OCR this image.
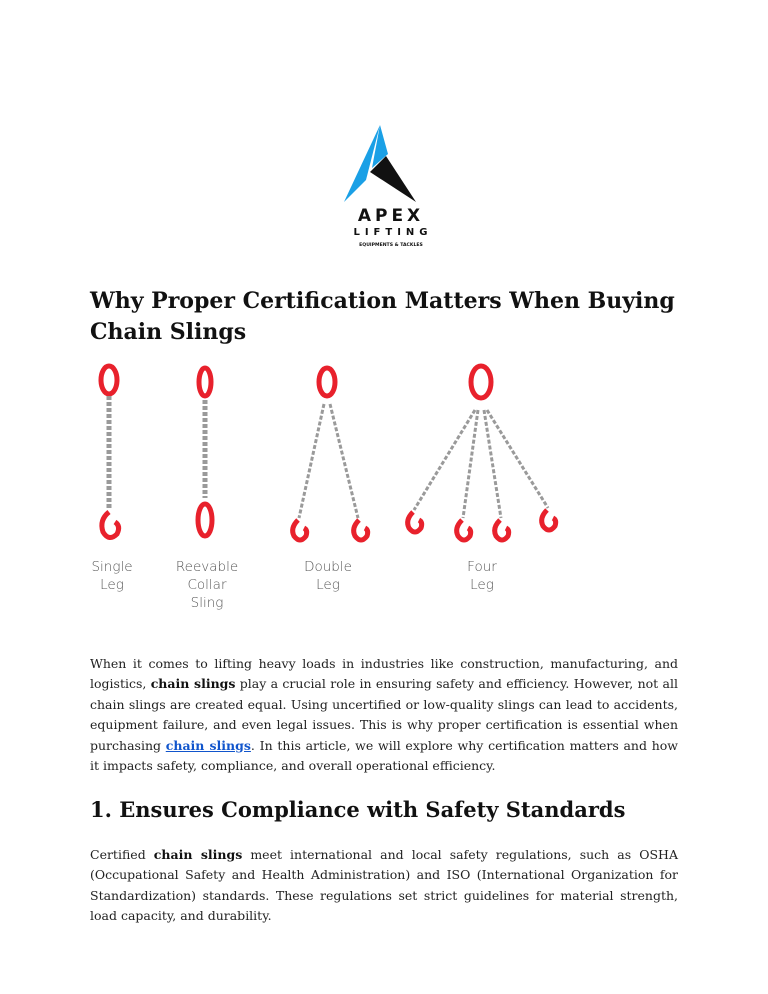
APEX
LIFTING
EQUIPMENTS & TACKLES
Why Proper Certification Matters When Buying Chain Slings
Single
Leg
Reevable
Collar
Sling
Double
Leg
Four
Leg

When it comes to lifting heavy loads in industries like construction, manufacturing, and logistics, chain slings play a crucial role in ensuring safety and efficiency. However, not all chain slings are created equal. Using uncertified or low-quality slings can lead to accidents, equipment failure, and even legal issues. This is why proper certification is essential when purchasing chain slings. In this article, we will explore why certification matters and how it impacts safety, compliance, and overall operational efficiency.

1. Ensures Compliance with Safety Standards

Certified chain slings meet international and local safety regulations, such as OSHA (Occupational Safety and Health Administration) and ISO (International Organization for Standardization) standards. These regulations set strict guidelines for material strength, load capacity, and durability.
